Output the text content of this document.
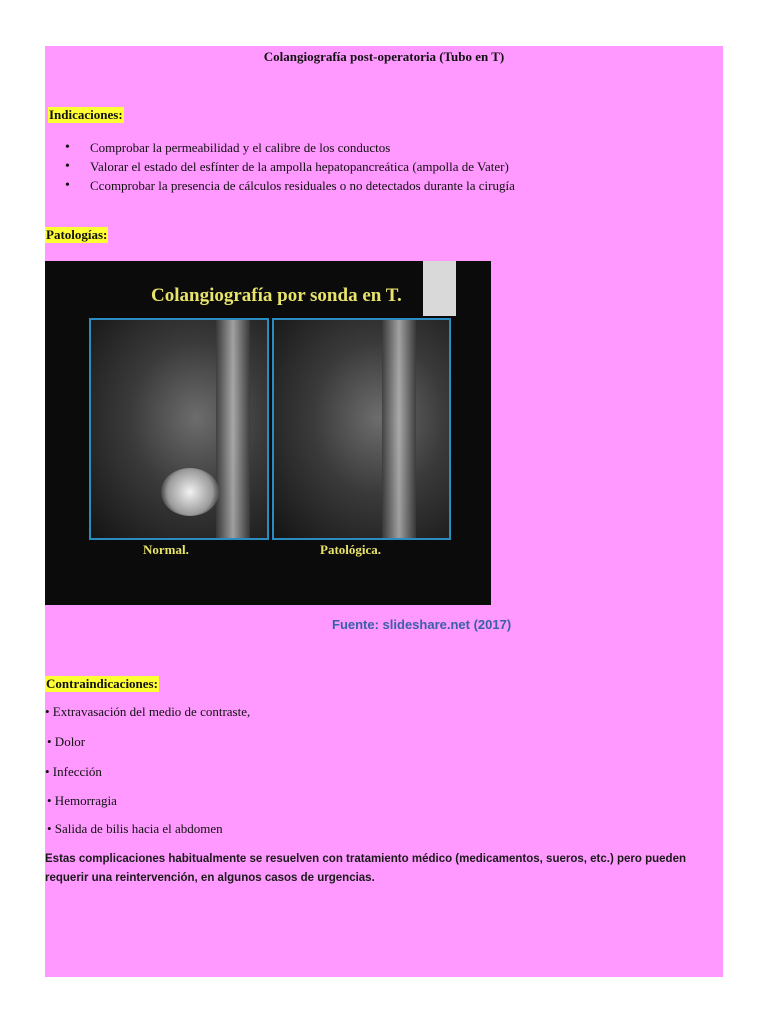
Colangiografía post-operatoria (Tubo en T)
Indicaciones:
• Comprobar la permeabilidad y el calibre de los conductos
• Valorar el estado del esfínter de la ampolla hepatopancreática (ampolla de Vater)
• Ccomprobar la presencia de cálculos residuales o no detectados durante la cirugía
Patologías:
Colangiografía por sonda en T.
Normal.	Patológica.
Fuente: slideshare.net (2017)
Contraindicaciones:
• Extravasación del medio de contraste,
• Dolor
• Infección
• Hemorragia
• Salida de bilis hacia el abdomen
Estas complicaciones habitualmente se resuelven con tratamiento médico (medicamentos, sueros, etc.) pero pueden requerir una reintervención, en algunos casos de urgencias.
